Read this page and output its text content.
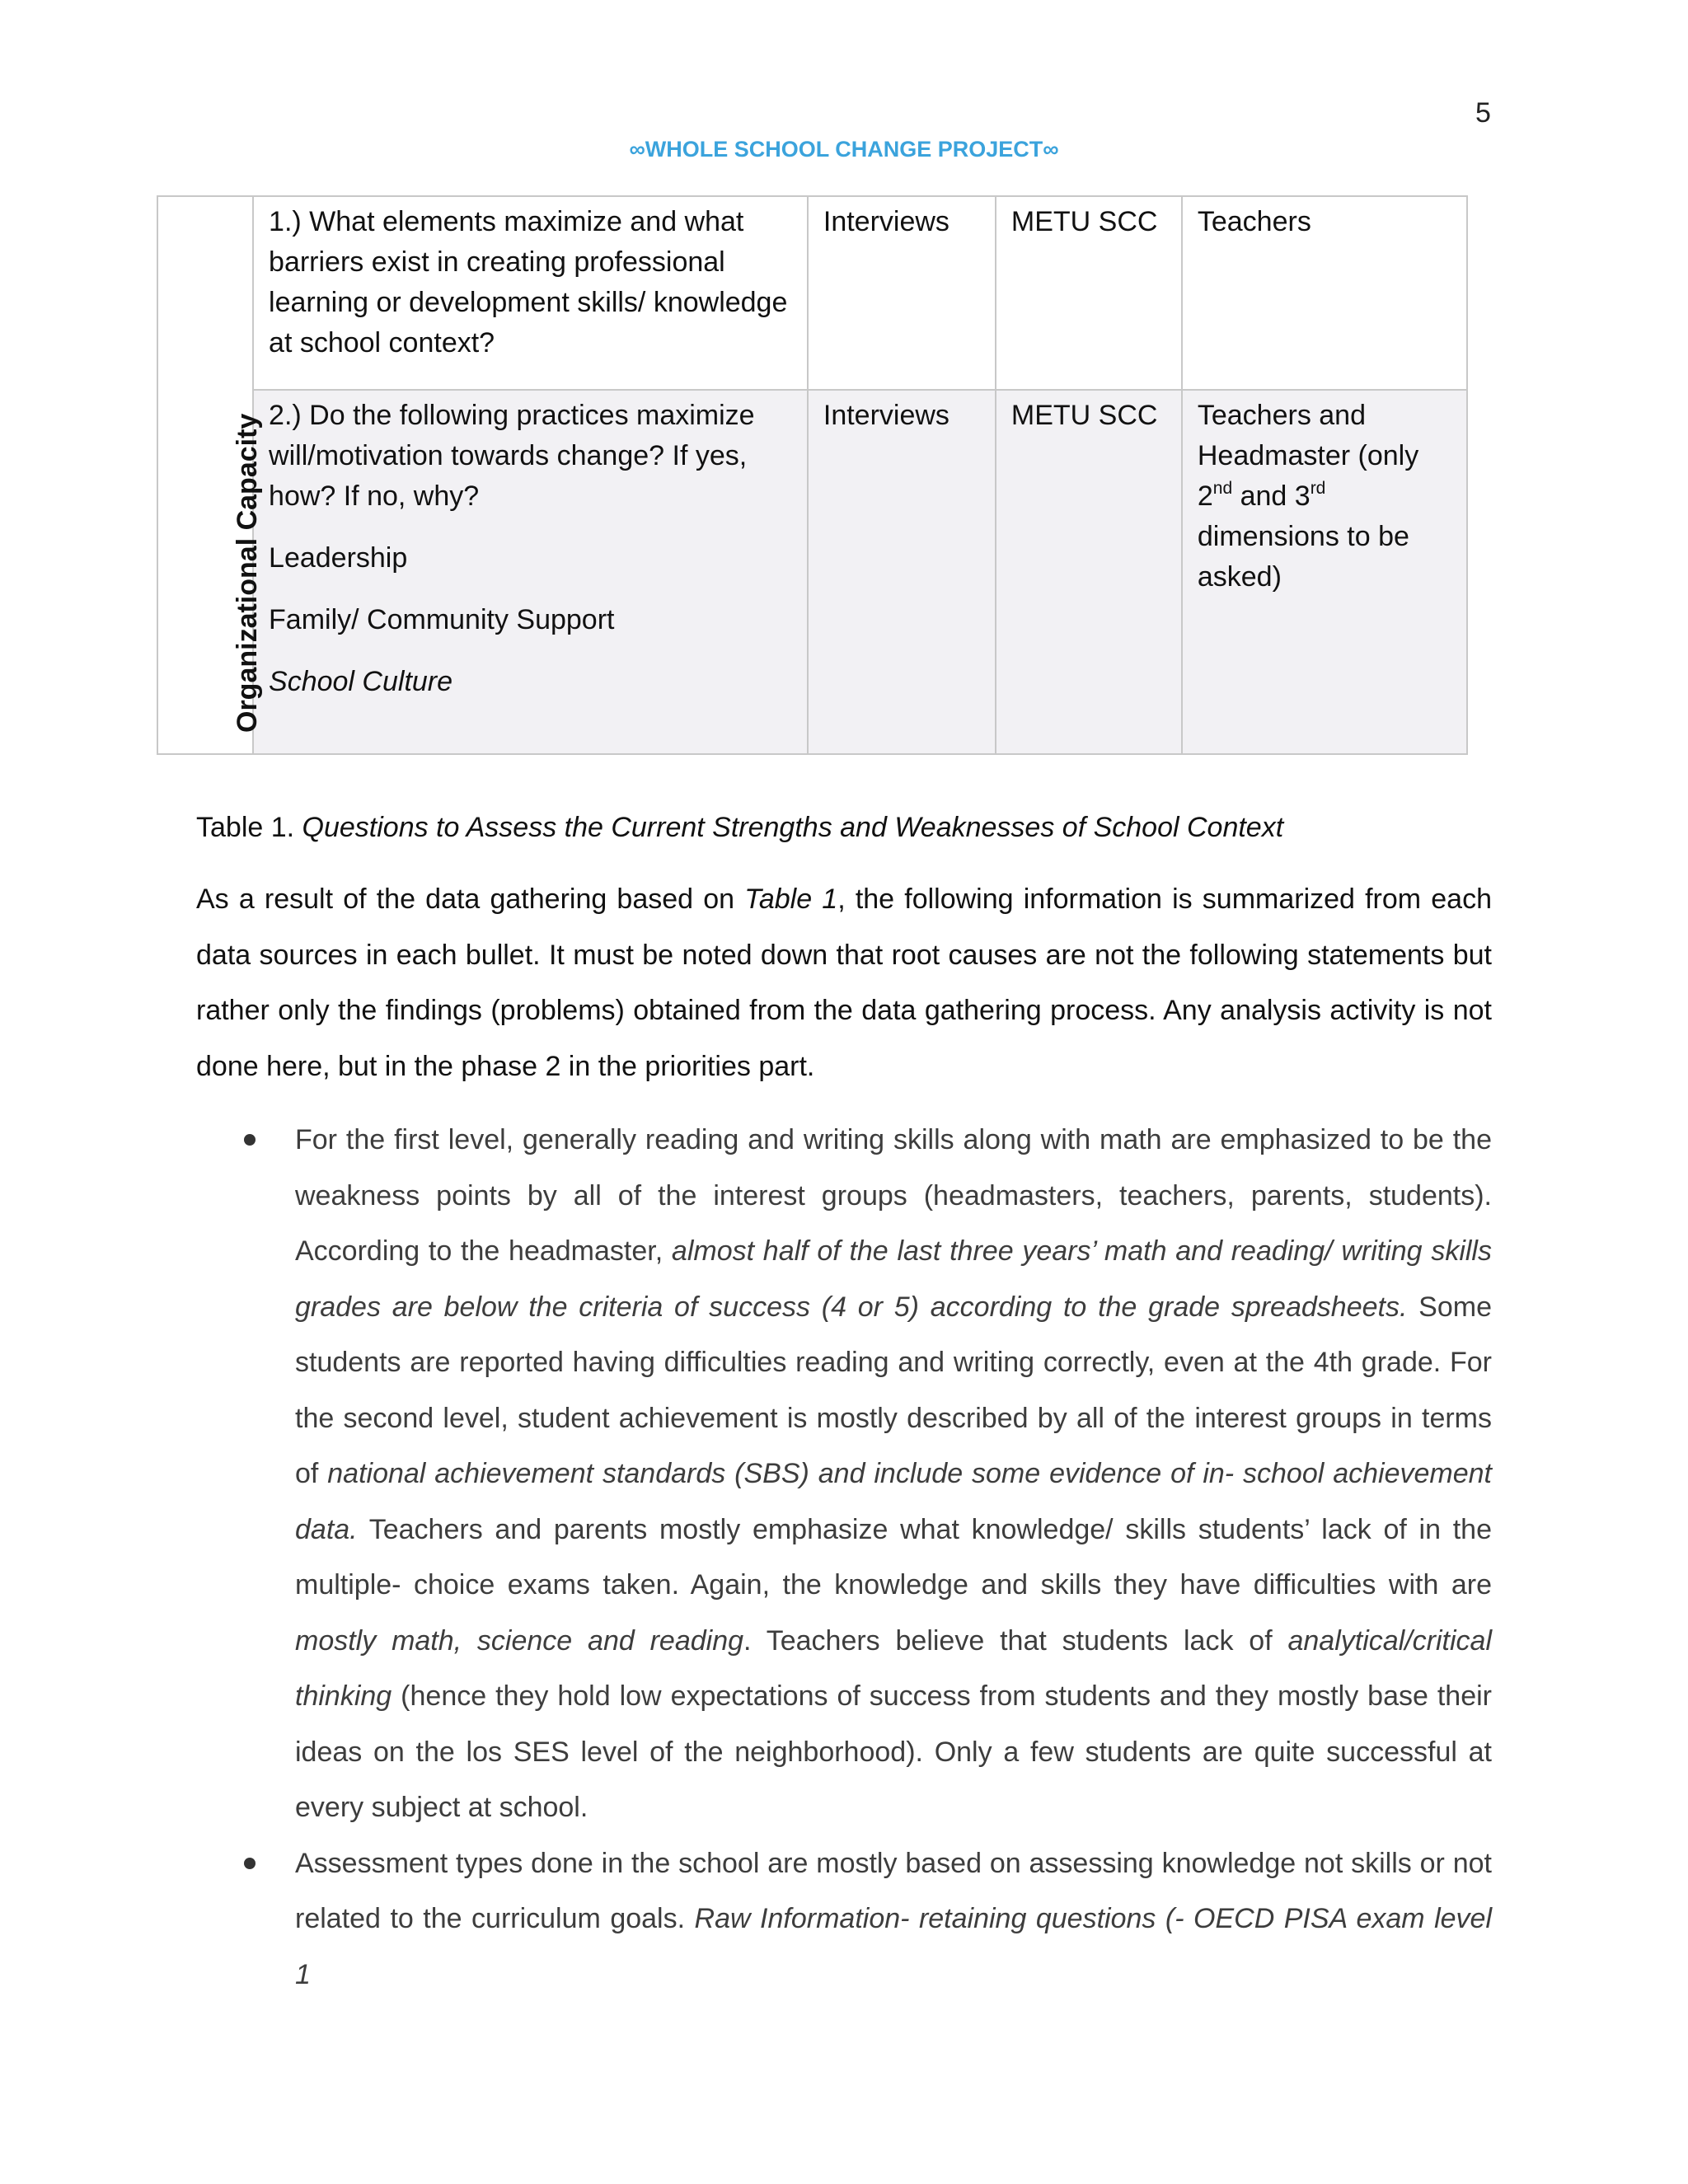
5
∞WHOLE SCHOOL CHANGE PROJECT∞
Organizational Capacity	1.) What elements maximize and what barriers exist in creating professional learning or development skills/ knowledge at school context?	Interviews	METU SCC	Teachers

	2.) Do the following practices maximize will/motivation towards change? If yes, how? If no, why?

Leadership

Family/ Community Support

School Culture	Interviews	METU SCC	Teachers and Headmaster (only 2nd and 3rd dimensions to be asked)
Table 1. Questions to Assess the Current Strengths and Weaknesses of School Context

As a result of the data gathering based on Table 1, the following information is summarized from each data sources in each bullet. It must be noted down that root causes are not the following statements but rather only the findings (problems) obtained from the data gathering process. Any analysis activity is not done here, but in the phase 2 in the priorities part.

For the first level, generally reading and writing skills along with math are emphasized to be the weakness points by all of the interest groups (headmasters, teachers, parents, students). According to the headmaster, almost half of the last three years’ math and reading/ writing skills grades are below the criteria of success (4 or 5) according to the grade spreadsheets. Some students are reported having difficulties reading and writing correctly, even at the 4th grade. For the second level, student achievement is mostly described by all of the interest groups in terms of national achievement standards (SBS) and include some evidence of in- school achievement data. Teachers and parents mostly emphasize what knowledge/ skills students’ lack of in the multiple- choice exams taken. Again, the knowledge and skills they have difficulties with are mostly math, science and reading. Teachers believe that students lack of analytical/critical thinking (hence they hold low expectations of success from students and they mostly base their ideas on the los SES level of the neighborhood). Only a few students are quite successful at every subject at school.
Assessment types done in the school are mostly based on assessing knowledge not skills or not related to the curriculum goals. Raw Information- retaining questions (- OECD PISA exam level 1
